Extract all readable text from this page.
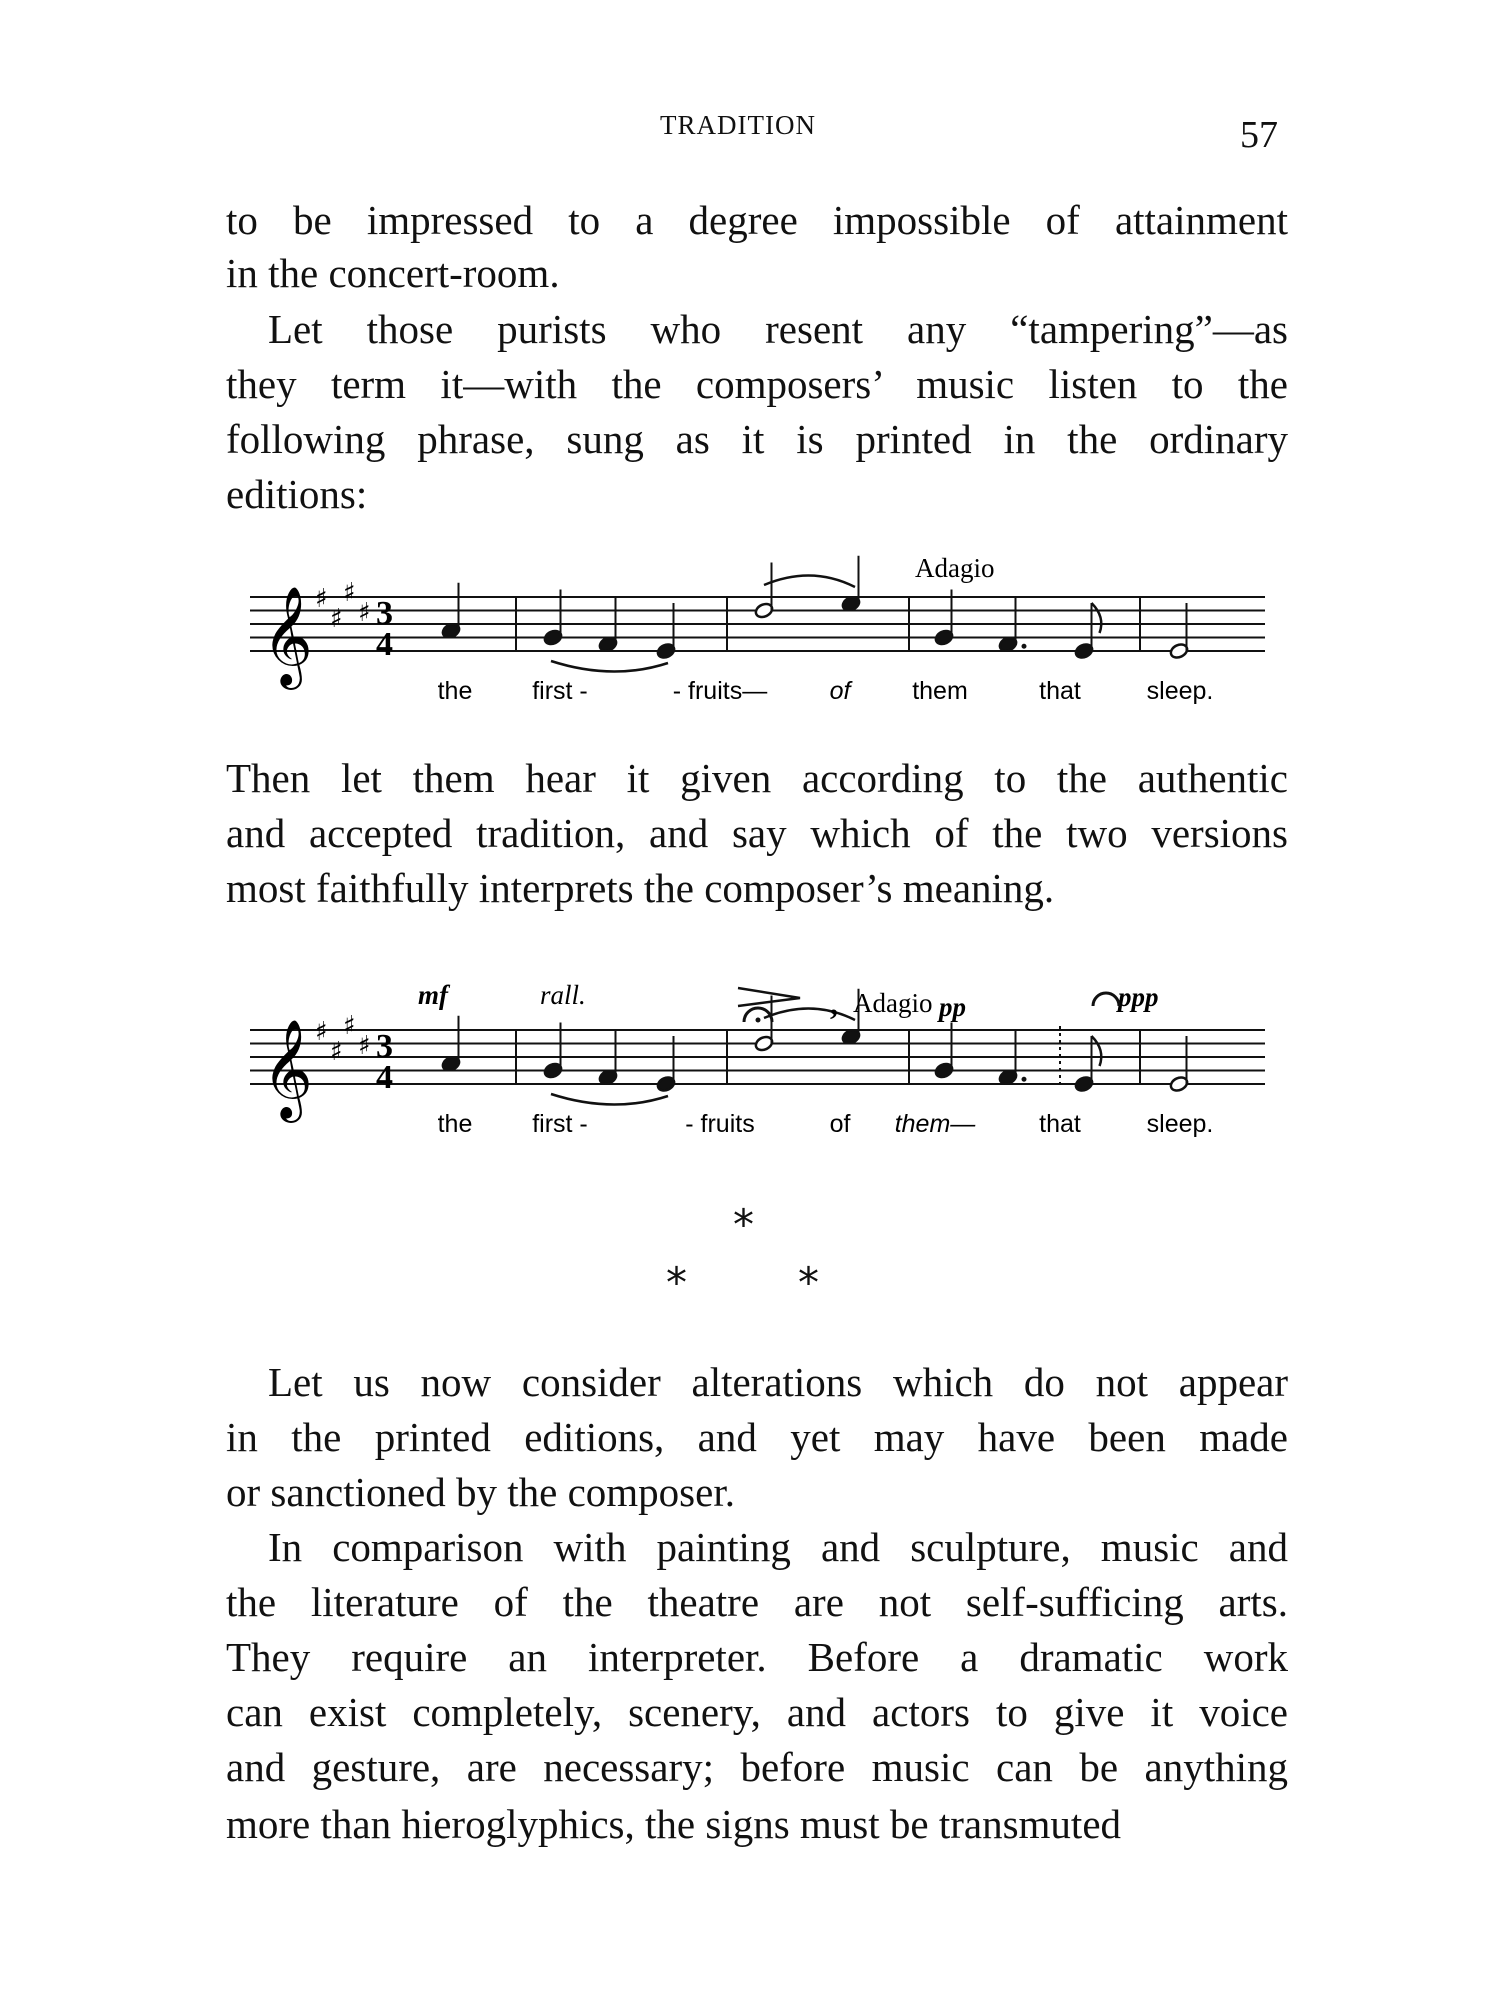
TRADITION	57
to be impressed to a degree impossible of attainment
in the concert-room.
Let those purists who resent any “tampering”—as
they term it—with the composers’ music listen to the
following phrase, sung as it is printed in the ordinary
editions:
Then let them hear it given according to the authentic
and accepted tradition, and say which of the two versions
most faithfully interprets the composer’s meaning.
Let us now consider alterations which do not appear
in the printed editions, and yet may have been made
or sanctioned by the composer.
In comparison with painting and sculpture, music and
the literature of the theatre are not self-sufficing arts.
They require an interpreter. Before a dramatic work
can exist completely, scenery, and actors to give it voice
and gesture, are necessary; before music can be anything
more than hieroglyphics, the signs must be transmuted
𝄞 ♯
♯
♯
♯ 3
4
the first -	- fruits— of them	that	sleep.
Adagio
𝄞 ♯
♯
♯
♯ 3
4
the first -	- fruits	of them—	that	sleep.
Adagio
mf	rall.	pp	ppp
,
*
*	*
